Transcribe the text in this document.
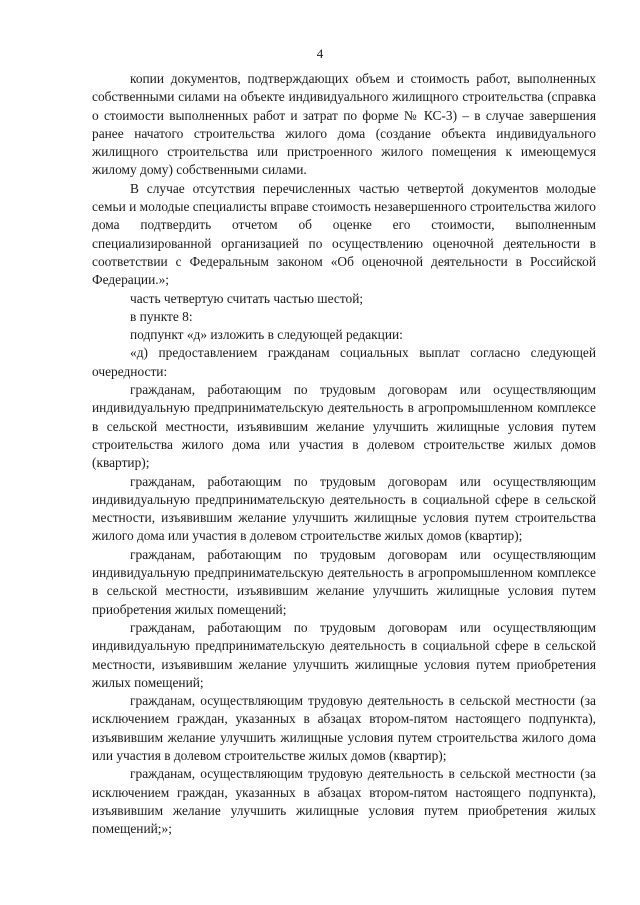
4

копии документов, подтверждающих объем и стоимость работ, выполненных собственными силами на объекте индивидуального жилищного строительства (справка о стоимости выполненных работ и затрат по форме № КС-3) – в случае завершения ранее начатого строительства жилого дома (создание объекта индивидуального жилищного строительства или пристроенного жилого помещения к имеющемуся жилому дому) собственными силами.

В случае отсутствия перечисленных частью четвертой документов молодые семьи и молодые специалисты вправе стоимость незавершенного строительства жилого дома подтвердить отчетом об оценке его стоимости, выполненным специализированной организацией по осуществлению оценочной деятельности в соответствии с Федеральным законом «Об оценочной деятельности в Российской Федерации.»;

часть четвертую считать частью шестой;

в пункте 8:

подпункт «д» изложить в следующей редакции:

«д) предоставлением гражданам социальных выплат согласно следующей очередности:

гражданам, работающим по трудовым договорам или осуществляющим индивидуальную предпринимательскую деятельность в агропромышленном комплексе в сельской местности, изъявившим желание улучшить жилищные условия путем строительства жилого дома или участия в долевом строительстве жилых домов (квартир);

гражданам, работающим по трудовым договорам или осуществляющим индивидуальную предпринимательскую деятельность в социальной сфере в сельской местности, изъявившим желание улучшить жилищные условия путем строительства жилого дома или участия в долевом строительстве жилых домов (квартир);

гражданам, работающим по трудовым договорам или осуществляющим индивидуальную предпринимательскую деятельность в агропромышленном комплексе в сельской местности, изъявившим желание улучшить жилищные условия путем приобретения жилых помещений;

гражданам, работающим по трудовым договорам или осуществляющим индивидуальную предпринимательскую деятельность в социальной сфере в сельской местности, изъявившим желание улучшить жилищные условия путем приобретения жилых помещений;

гражданам, осуществляющим трудовую деятельность в сельской местности (за исключением граждан, указанных в абзацах втором-пятом настоящего подпункта), изъявившим желание улучшить жилищные условия путем строительства жилого дома или участия в долевом строительстве жилых домов (квартир);

гражданам, осуществляющим трудовую деятельность в сельской местности (за исключением граждан, указанных в абзацах втором-пятом настоящего подпункта), изъявившим желание улучшить жилищные условия путем приобретения жилых помещений;»;
